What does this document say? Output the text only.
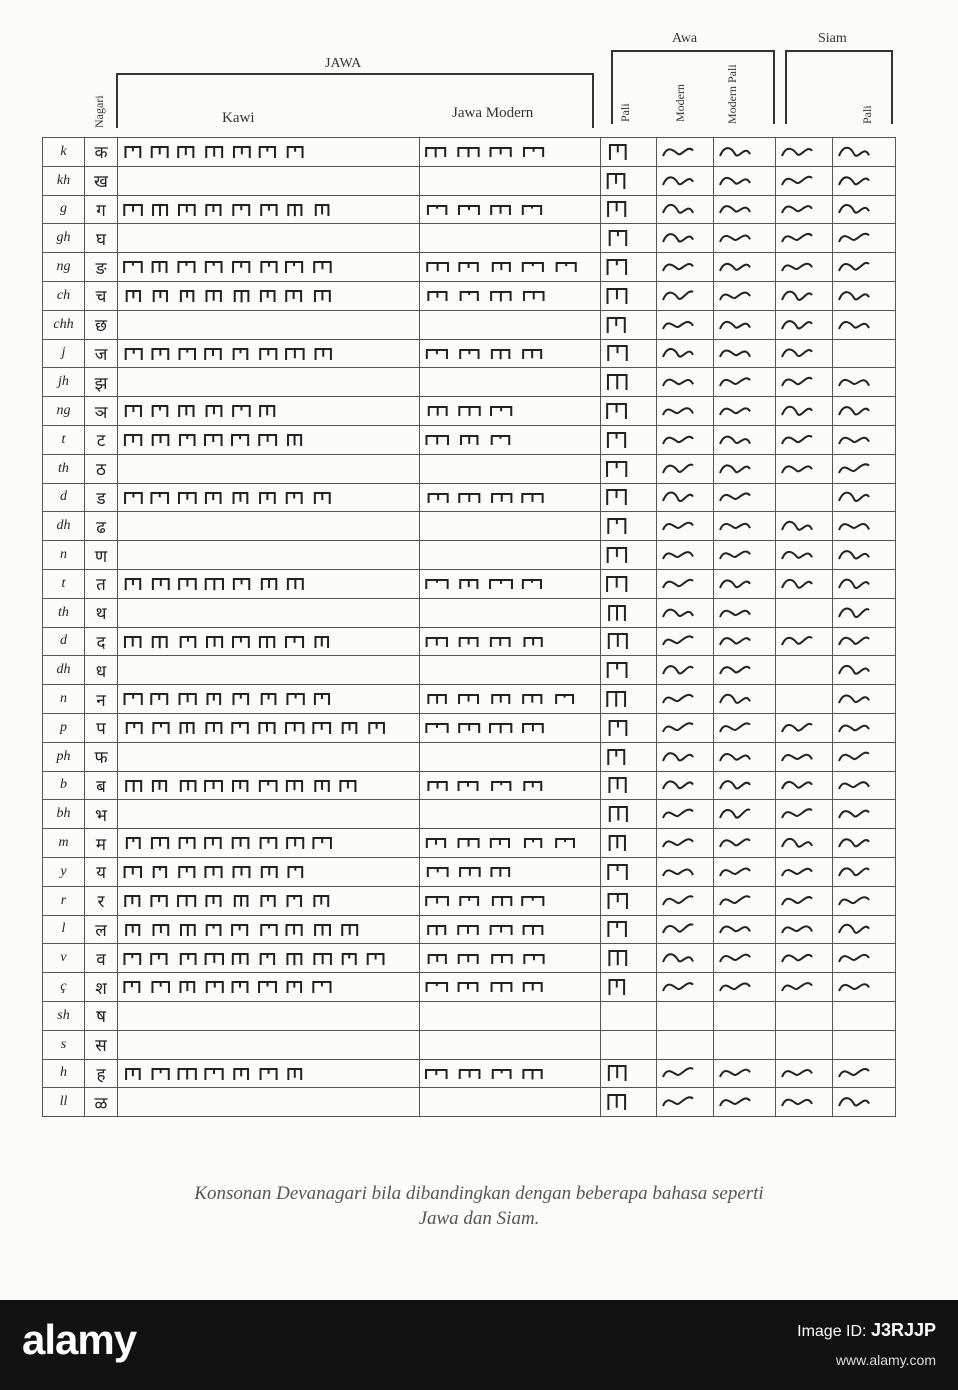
Nagari
JAWA
Kawi	Jawa Modern
Awa	Siam
Pali	Modern	Modern Pali	Pali
k	क	

kh	ख			

g	ग	

gh	घ			

ng	ङ	

ch	च	

chh	छ			

j	ज	

jh	झ			

ng	ञ	

t	ट	

th	ठ			

d	ड	

dh	ढ			

n	ण			

t	त	

th	थ			

d	द	

dh	ध			

n	न	

p	प	

ph	फ			

b	ब	

bh	भ			

m	म	

y	य	

r	र	

l	ल	

v	व	

ç	श	

sh	ष							
s	स							
h	ह	

ll	ळ			

Konsonan Devanagari bila dibandingkan dengan beberapa bahasa seperti
Jawa dan Siam.
alamy	Image ID: J3RJJP
www.alamy.com
